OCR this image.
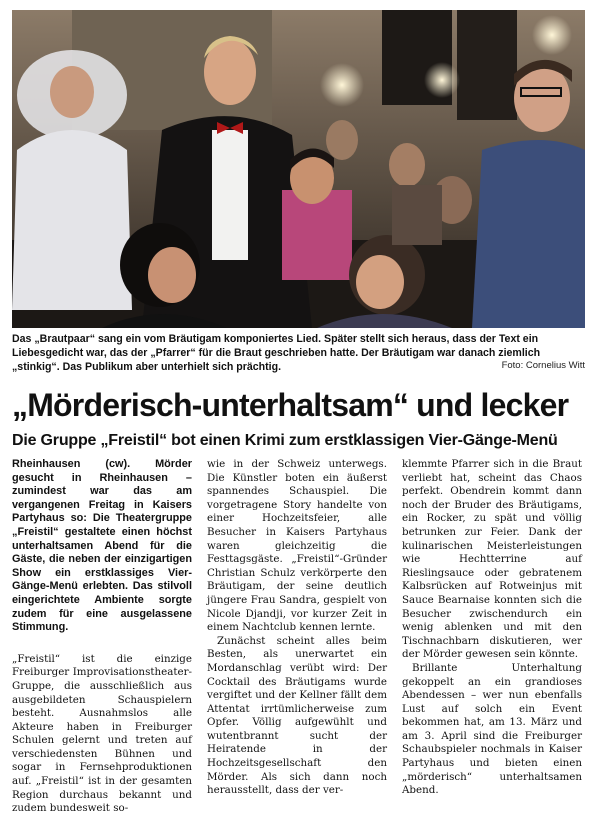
Das „Brautpaar“ sang ein vom Bräutigam komponiertes Lied. Später stellt sich heraus, dass der Text ein Liebesgedicht war, das der „Pfarrer“ für die Braut geschrieben hatte. Der Bräutigam war danach ziemlich „stinkig“. Das Publikum aber unterhielt sich prächtig.	Foto: Cornelius Witt
„Mörderisch-unterhaltsam“ und lecker
Die Gruppe „Freistil“ bot einen Krimi zum erstklassigen Vier-Gänge-Menü

Rheinhausen (cw). Mörder gesucht in Rheinhausen – zumindest war das am vergangenen Freitag in Kaisers Partyhaus so: Die Theatergruppe „Freistil“ gestaltete einen höchst unterhaltsamen Abend für die Gäste, die neben der einzigartigen Show ein erstklassiges Vier-Gänge-Menü erlebten. Das stilvoll eingerichtete Ambiente sorgte zudem für eine ausgelassene Stimmung.

„Freistil“ ist die einzige Freiburger Improvisationstheater-Gruppe, die ausschließlich aus ausgebildeten Schauspielern besteht. Ausnahmslos alle Akteure haben in Freiburger Schulen gelernt und treten auf verschiedensten Bühnen und sogar in Fernsehproduktionen auf. „Freistil“ ist in der gesamten Region durchaus bekannt und zudem bundesweit so-

wie in der Schweiz unterwegs. Die Künstler boten ein äußerst spannendes Schauspiel. Die vorgetragene Story handelte von einer Hochzeitsfeier, alle Besucher in Kaisers Partyhaus waren gleichzeitig die Festtagsgäste. „Freistil“-Gründer Christian Schulz verkörperte den Bräutigam, der seine deutlich jüngere Frau Sandra, gespielt von Nicole Djandji, vor kurzer Zeit in einem Nachtclub kennen lernte.

Zunächst scheint alles beim Besten, als unerwartet ein Mordanschlag verübt wird: Der Cocktail des Bräutigams wurde vergiftet und der Kellner fällt dem Attentat irrtümlicherweise zum Opfer. Völlig aufgewühlt und wutentbrannt sucht der Heiratende in der Hochzeitsgesellschaft den Mörder. Als sich dann noch herausstellt, dass der ver-

klemmte Pfarrer sich in die Braut verliebt hat, scheint das Chaos perfekt. Obendrein kommt dann noch der Bruder des Bräutigams, ein Rocker, zu spät und völlig betrunken zur Feier. Dank der kulinarischen Meisterleistungen wie Hechtterrine auf Rieslingsauce oder gebratenem Kalbsrücken auf Rotweinjus mit Sauce Bearnaise konnten sich die Besucher zwischendurch ein wenig ablenken und mit den Tischnachbarn diskutieren, wer der Mörder gewesen sein könnte.

Brillante Unterhaltung gekoppelt an ein grandioses Abendessen – wer nun ebenfalls Lust auf solch ein Event bekommen hat, am 13. März und am 3. April sind die Freiburger Schaubspieler nochmals in Kaiser Partyhaus und bieten einen „mörderisch“ unterhaltsamen Abend.
